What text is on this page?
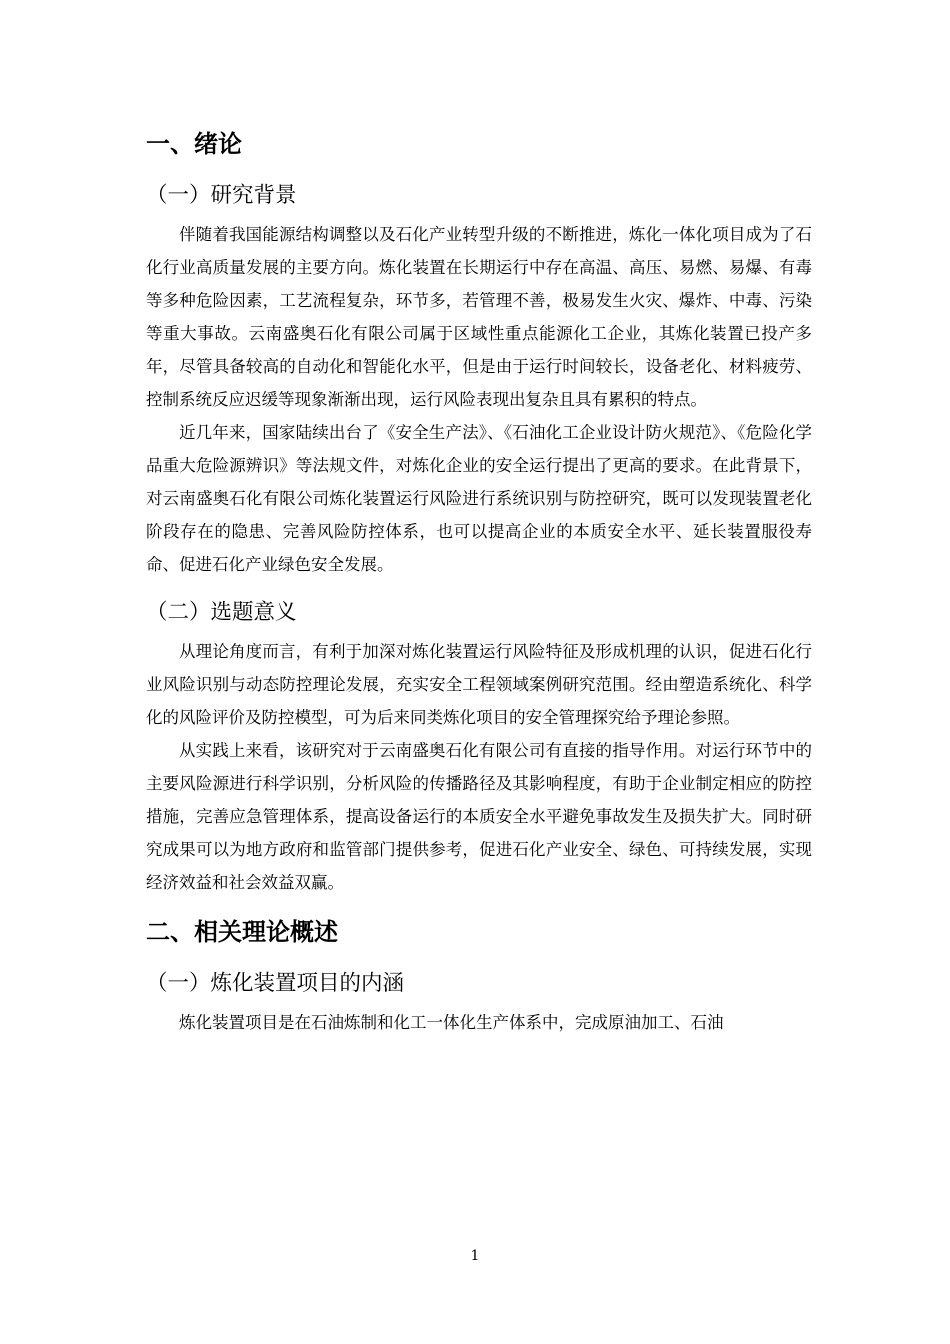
一、绪论
（一）研究背景

伴随着我国能源结构调整以及石化产业转型升级的不断推进，炼化一体化项目成为了石化行业高质量发展的主要方向。炼化装置在长期运行中存在高温、高压、易燃、易爆、有毒等多种危险因素，工艺流程复杂，环节多，若管理不善，极易发生火灾、爆炸、中毒、污染等重大事故。云南盛奥石化有限公司属于区域性重点能源化工企业，其炼化装置已投产多年，尽管具备较高的自动化和智能化水平，但是由于运行时间较长，设备老化、材料疲劳、控制系统反应迟缓等现象渐渐出现，运行风险表现出复杂且具有累积的特点。

近几年来，国家陆续出台了《安全生产法》、《石油化工企业设计防火规范》、《危险化学品重大危险源辨识》等法规文件，对炼化企业的安全运行提出了更高的要求。在此背景下，对云南盛奥石化有限公司炼化装置运行风险进行系统识别与防控研究，既可以发现装置老化阶段存在的隐患、完善风险防控体系，也可以提高企业的本质安全水平、延长装置服役寿命、促进石化产业绿色安全发展。

（二）选题意义

从理论角度而言，有利于加深对炼化装置运行风险特征及形成机理的认识，促进石化行业风险识别与动态防控理论发展，充实安全工程领域案例研究范围。经由塑造系统化、科学化的风险评价及防控模型，可为后来同类炼化项目的安全管理探究给予理论参照。

从实践上来看，该研究对于云南盛奥石化有限公司有直接的指导作用。对运行环节中的主要风险源进行科学识别，分析风险的传播路径及其影响程度，有助于企业制定相应的防控措施，完善应急管理体系，提高设备运行的本质安全水平避免事故发生及损失扩大。同时研究成果可以为地方政府和监管部门提供参考，促进石化产业安全、绿色、可持续发展，实现经济效益和社会效益双赢。

二、相关理论概述
（一）炼化装置项目的内涵

炼化装置项目是在石油炼制和化工一体化生产体系中，完成原油加工、石油

1
